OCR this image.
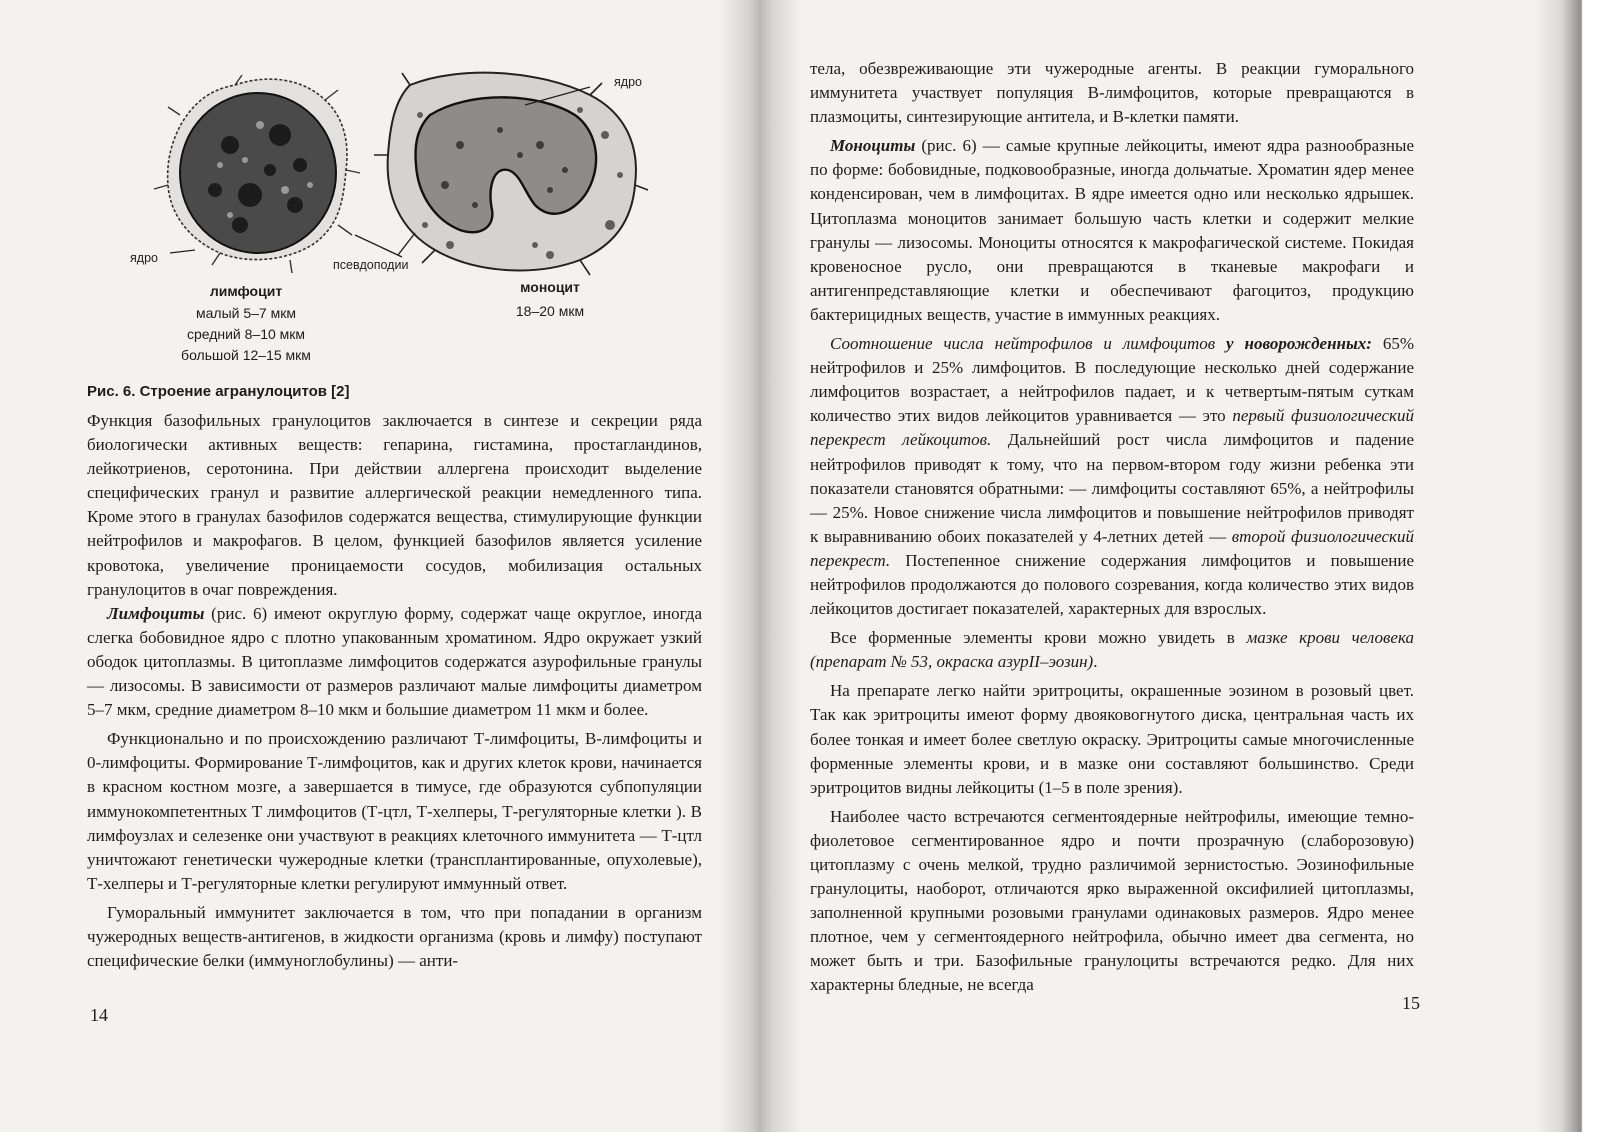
ядро
ядро	псевдоподии
лимфоцит
малый 5–7 мкм
средний 8–10 мкм
большой 12–15 мкм
моноцит
18–20 мкм
Рис. 6. Строение агранулоцитов [2]

Функция базофильных гранулоцитов заключается в синтезе и секреции ряда биологически активных веществ: гепарина, гистамина, простагландинов, лейкотриенов, серотонина. При действии аллергена происходит выделение специфических гранул и развитие аллергической реакции немедленного типа. Кроме этого в гранулах базофилов содержатся вещества, стимулирующие функции нейтрофилов и макрофагов. В целом, функцией базофилов является усиление кровотока, увеличение проницаемости сосудов, мобилизация остальных гранулоцитов в очаг повреждения.

Лимфоциты (рис. 6) имеют округлую форму, содержат чаще округлое, иногда слегка бобовидное ядро с плотно упакованным хроматином. Ядро окружает узкий ободок цитоплазмы. В цитоплазме лимфоцитов содержатся азурофильные гранулы — лизосомы. В зависимости от размеров различают малые лимфоциты диаметром 5–7 мкм, средние диаметром 8–10 мкм и большие диаметром 11 мкм и более.

Функционально и по происхождению различают Т-лимфоциты, В-лимфоциты и 0-лимфоциты. Формирование Т-лимфоцитов, как и других клеток крови, начинается в красном костном мозге, а завершается в тимусе, где образуются субпопуляции иммунокомпетентных Т лимфоцитов (Т-цтл, Т-хелперы, Т-регуляторные клетки ). В лимфоузлах и селезенке они участвуют в реакциях клеточного иммунитета — Т-цтл уничтожают генетически чужеродные клетки (трансплантированные, опухолевые), Т-хелперы и Т-регуляторные клетки регулируют иммунный ответ.

Гуморальный иммунитет заключается в том, что при попадании в организм чужеродных веществ-антигенов, в жидкости организма (кровь и лимфу) поступают специфические белки (иммуноглобулины) — анти-

14

тела, обезвреживающие эти чужеродные агенты. В реакции гуморального иммунитета участвует популяция В-лимфоцитов, которые превращаются в плазмоциты, синтезирующие антитела, и В-клетки памяти.

Моноциты (рис. 6) — самые крупные лейкоциты, имеют ядра разнообразные по форме: бобовидные, подковообразные, иногда дольчатые. Хроматин ядер менее конденсирован, чем в лимфоцитах. В ядре имеется одно или несколько ядрышек. Цитоплазма моноцитов занимает большую часть клетки и содержит мелкие гранулы — лизосомы. Моноциты относятся к макрофагической системе. Покидая кровеносное русло, они превращаются в тканевые макрофаги и антигенпредставляющие клетки и обеспечивают фагоцитоз, продукцию бактерицидных веществ, участие в иммунных реакциях.

Соотношение числа нейтрофилов и лимфоцитов у новорожденных: 65% нейтрофилов и 25% лимфоцитов. В последующие несколько дней содержание лимфоцитов возрастает, а нейтрофилов падает, и к четвертым-пятым суткам количество этих видов лейкоцитов уравнивается — это первый физиологический перекрест лейкоцитов. Дальнейший рост числа лимфоцитов и падение нейтрофилов приводят к тому, что на первом-втором году жизни ребенка эти показатели становятся обратными: — лимфоциты составляют 65%, а нейтрофилы — 25%. Новое снижение числа лимфоцитов и повышение нейтрофилов приводят к выравниванию обоих показателей у 4-летних детей — второй физиологический перекрест. Постепенное снижение содержания лимфоцитов и повышение нейтрофилов продолжаются до полового созревания, когда количество этих видов лейкоцитов достигает показателей, характерных для взрослых.

Все форменные элементы крови можно увидеть в мазке крови человека (препарат № 53, окраска азурII–эозин).

На препарате легко найти эритроциты, окрашенные эозином в розовый цвет. Так как эритроциты имеют форму двояковогнутого диска, центральная часть их более тонкая и имеет более светлую окраску. Эритроциты самые многочисленные форменные элементы крови, и в мазке они составляют большинство. Среди эритроцитов видны лейкоциты (1–5 в поле зрения).

Наиболее часто встречаются сегментоядерные нейтрофилы, имеющие темно-фиолетовое сегментированное ядро и почти прозрачную (слаборозовую) цитоплазму с очень мелкой, трудно различимой зернистостью. Эозинофильные гранулоциты, наоборот, отличаются ярко выраженной оксифилией цитоплазмы, заполненной крупными розовыми гранулами одинаковых размеров. Ядро менее плотное, чем у сегментоядерного нейтрофила, обычно имеет два сегмента, но может быть и три. Базофильные гранулоциты встречаются редко. Для них характерны бледные, не всегда

15
